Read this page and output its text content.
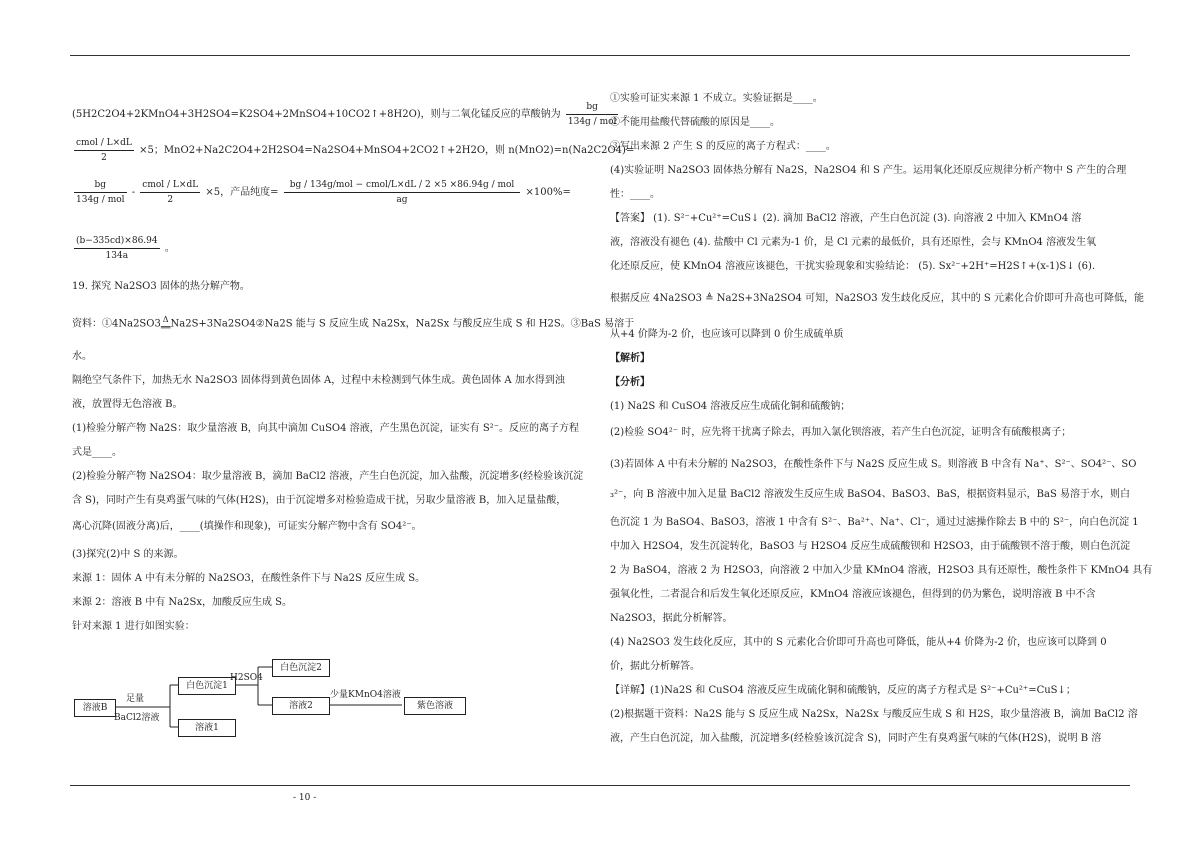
(5H2C2O4+2KMnO4+3H2SO4=K2SO4+2MnSO4+10CO2↑+8H2O)，则与二氧化锰反应的草酸钠为 $\frac{bg}{\text{134g / mol}}$ 。
$\frac{\text{cmol / L×dL}}{2} \times 5$；MnO2+Na2C2O4+2H2SO4=Na2SO4+MnSO4+2CO2↑+2H2O，则 n(MnO2)=n(Na2C2O4)=
$\frac{bg}{\text{134g / mol}} - \frac{\text{cmol / L×dL}}{2} \times 5$，产品纯度= $\frac{\text{bg / 134g/mol − cmol/L×dL / 2 ×5 ×86.94g / mol}}{ag} \times 100\%=$
$\frac{(b-335cd)\times 86.94}{134a}$ 。
19. 探究 Na2SO3 固体的热分解产物。
资料：①4Na2SO3 Δ
══Na2S+3Na2SO4②Na2S 能与 S 反应生成 Na2Sx，Na2Sx 与酸反应生成 S 和 H2S。③BaS 易溶于
水。
隔绝空气条件下，加热无水 Na2SO3 固体得到黄色固体 A，过程中未检测到气体生成。黄色固体 A 加水得到浊
液，放置得无色溶液 B。
(1)检验分解产物 Na2S：取少量溶液 B，向其中滴加 CuSO4 溶液，产生黑色沉淀，证实有 S²⁻。反应的离子方程
式是____。
(2)检验分解产物 Na2SO4：取少量溶液 B，滴加 BaCl2 溶液，产生白色沉淀，加入盐酸，沉淀增多(经检验该沉淀
含 S)，同时产生有臭鸡蛋气味的气体(H2S)，由于沉淀增多对检验造成干扰，另取少量溶液 B，加入足量盐酸，
离心沉降(固液分离)后，____(填操作和现象)，可证实分解产物中含有 SO4²⁻。
(3)探究(2)中 S 的来源。
来源 1：固体 A 中有未分解的 Na2SO3，在酸性条件下与 Na2S 反应生成 S。
来源 2：溶液 B 中有 Na2Sx，加酸反应生成 S。
针对来源 1 进行如图实验：
溶液B
足量
BaCl2溶液
白色沉淀1
溶液1
H2SO4
白色沉淀2
溶液2
少量KMnO4溶液
紫色溶液
①实验可证实来源 1 不成立。实验证据是____。
②不能用盐酸代替硫酸的原因是____。
③写出来源 2 产生 S 的反应的离子方程式：____。
(4)实验证明 Na2SO3 固体热分解有 Na2S，Na2SO4 和 S 产生。运用氧化还原反应规律分析产物中 S 产生的合理
性：____。
【答案】 (1). S²⁻+Cu²⁺=CuS↓ (2). 滴加 BaCl2 溶液，产生白色沉淀 (3). 向溶液 2 中加入 KMnO4 溶
液，溶液没有褪色 (4). 盐酸中 Cl 元素为-1 价，是 Cl 元素的最低价，具有还原性，会与 KMnO4 溶液发生氧
化还原反应，使 KMnO4 溶液应该褪色，干扰实验现象和实验结论： (5). Sx²⁻+2H⁺=H2S↑+(x-1)S↓ (6).
根据反应 4Na2SO3 ≜ Na2S+3Na2SO4 可知，Na2SO3 发生歧化反应，其中的 S 元素化合价即可升高也可降低，能
从+4 价降为-2 价，也应该可以降到 0 价生成硫单质
【解析】
【分析】
(1) Na2S 和 CuSO4 溶液反应生成硫化铜和硫酸钠；
(2)检验 SO4²⁻ 时，应先将干扰离子除去，再加入氯化钡溶液，若产生白色沉淀，证明含有硫酸根离子；
(3)若固体 A 中有未分解的 Na2SO3，在酸性条件下与 Na2S 反应生成 S。则溶液 B 中含有 Na⁺、S²⁻、SO4²⁻、SO
₃²⁻，向 B 溶液中加入足量 BaCl2 溶液发生反应生成 BaSO4、BaSO3、BaS，根据资料显示，BaS 易溶于水，则白
色沉淀 1 为 BaSO4、BaSO3，溶液 1 中含有 S²⁻、Ba²⁺、Na⁺、Cl⁻，通过过滤操作除去 B 中的 S²⁻，向白色沉淀 1
中加入 H2SO4，发生沉淀转化，BaSO3 与 H2SO4 反应生成硫酸钡和 H2SO3，由于硫酸钡不溶于酸，则白色沉淀
2 为 BaSO4，溶液 2 为 H2SO3，向溶液 2 中加入少量 KMnO4 溶液，H2SO3 具有还原性，酸性条件下 KMnO4 具有
强氧化性，二者混合和后发生氧化还原反应，KMnO4 溶液应该褪色，但得到的仍为紫色，说明溶液 B 中不含
Na2SO3，据此分析解答。
(4) Na2SO3 发生歧化反应，其中的 S 元素化合价即可升高也可降低，能从+4 价降为-2 价，也应该可以降到 0
价，据此分析解答。
【详解】(1)Na2S 和 CuSO4 溶液反应生成硫化铜和硫酸钠，反应的离子方程式是 S²⁻+Cu²⁺=CuS↓；
(2)根据题干资料：Na2S 能与 S 反应生成 Na2Sx，Na2Sx 与酸反应生成 S 和 H2S，取少量溶液 B，滴加 BaCl2 溶
液，产生白色沉淀，加入盐酸，沉淀增多(经检验该沉淀含 S)，同时产生有臭鸡蛋气味的气体(H2S)，说明 B 溶
- 10 -
